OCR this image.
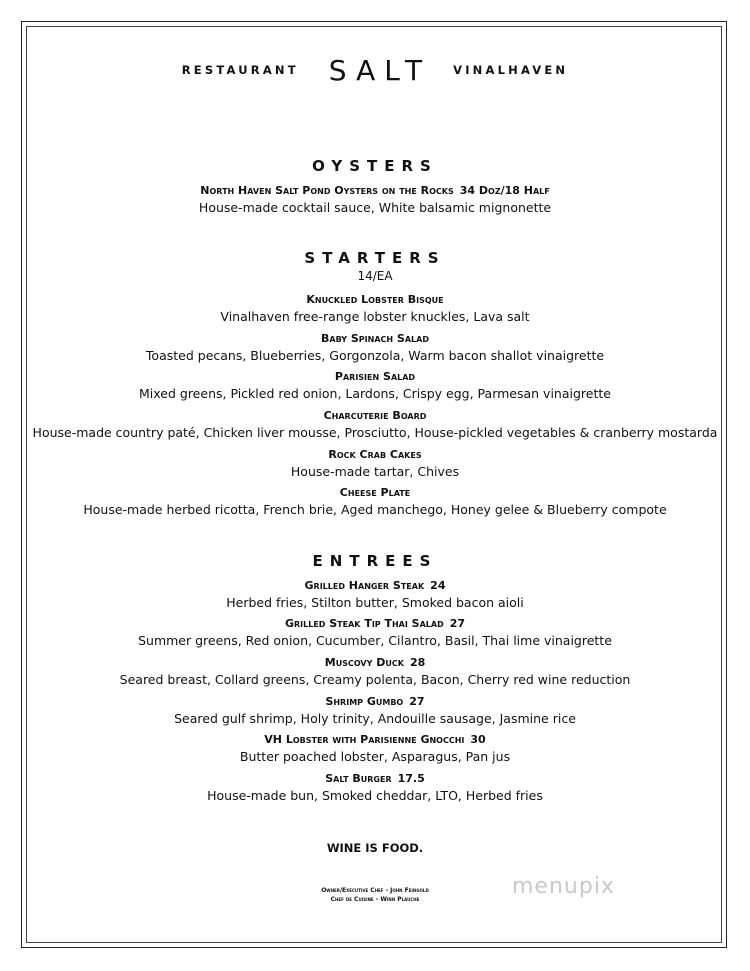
RESTAURANT SALT VINALHAVEN
OYSTERS
North Haven Salt Pond Oysters on the Rocks 34 Doz/18 Half
House-made cocktail sauce, White balsamic mignonette
STARTERS
14/EA
Knuckled Lobster Bisque
Vinalhaven free-range lobster knuckles, Lava salt
Baby Spinach Salad
Toasted pecans, Blueberries, Gorgonzola, Warm bacon shallot vinaigrette
Parisien Salad
Mixed greens, Pickled red onion, Lardons, Crispy egg, Parmesan vinaigrette
Charcuterie Board
House-made country paté, Chicken liver mousse, Prosciutto, House-pickled vegetables & cranberry mostarda
Rock Crab Cakes
House-made tartar, Chives
Cheese Plate
House-made herbed ricotta, French brie, Aged manchego, Honey gelee & Blueberry compote
ENTREES
Grilled Hanger Steak 24
Herbed fries, Stilton butter, Smoked bacon aioli
Grilled Steak Tip Thai Salad 27
Summer greens, Red onion, Cucumber, Cilantro, Basil, Thai lime vinaigrette
Muscovy Duck 28
Seared breast, Collard greens, Creamy polenta, Bacon, Cherry red wine reduction
Shrimp Gumbo 27
Seared gulf shrimp, Holy trinity, Andouille sausage, Jasmine rice
VH Lobster with Parisienne Gnocchi 30
Butter poached lobster, Asparagus, Pan jus
Salt Burger 17.5
House-made bun, Smoked cheddar, LTO, Herbed fries
WINE IS FOOD.
Owner/Executive Chef - John Feingold
Chef de Cuisine - Winn Plauche
menupix
